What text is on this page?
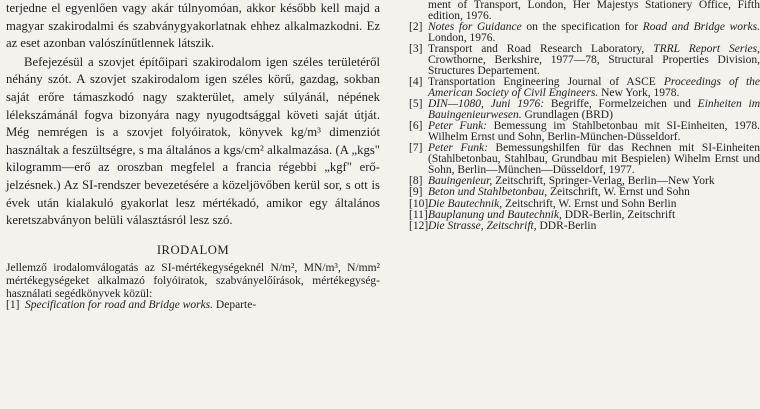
terjedne el egyenlően vagy akár túlnyomóan, akkor később kell majd a magyar szakirodalmi és szabványgyakorlatnak ehhez alkalmazkodni. Ez az eset azonban valószínűtlennek látszik.

Befejezésül a szovjet építőipari szakirodalom igen széles területéről néhány szót. A szovjet szakirodalom igen széles körű, gazdag, sokban saját erőre támaszkodó nagy szakterület, amely súlyánál, népének lélekszámánál fogva bizonyára nagy nyugodtsággal követi saját útját. Még nemrégen is a szovjet folyóiratok, könyvek kg/m³ dimenziót használtak a feszültségre, s ma általános a kgs/cm² alkalmazása. (A „kgs" kilogramm—erő az oroszban megfelel a francia régebbi „kgf" erő-jelzésnek.) Az SI-rendszer bevezetésére a közeljövőben kerül sor, s ott is évek után kialakuló gyakorlat lesz mértékadó, amikor egy általános keretszabványon belüli választásról lesz szó.

IRODALOM

Jellemző irodalomválogatás az SI-mértékegységeknél N/m², MN/m³, N/mm² mértékegységeket alkalmazó folyóiratok, szabványelőírások, mértékegység-használati segédkönyvek közül:

[1] Specification for road and Bridge works. Departe-

ment of Transport, London, Her Majestys Stationery Office, Fifth edition, 1976.

[2] Notes for Guidance on the specification for Road and Bridge works. London, 1976.
[3] Transport and Road Research Laboratory, TRRL Report Series, Crowthorne, Berkshire, 1977—78, Structural Properties Division, Structures Departement.
[4] Transportation Engineering Journal of ASCE Proceedings of the American Society of Civil Engineers. New York, 1978.
[5] DIN—1080, Juni 1976: Begriffe, Formelzeichen und Einheiten im Bauingenieurwesen. Grundlagen (BRD)
[6] Peter Funk: Bemessung im Stahlbetonbau mit SI-Einheiten, 1978. Wilhelm Ernst und Sohn, Berlin-München-Düsseldorf.
[7] Peter Funk: Bemessungshilfen für das Rechnen mit SI-Einheiten (Stahlbetonbau, Stahlbau, Grundbau mit Bespielen) Wihelm Ernst und Sohn, Berlin—München—Düsseldorf, 1977.
[8] Bauingenieur, Zeitschrift, Springer-Verlag, Berlin—New York
[9] Beton und Stahlbetonbau, Zeitschrift, W. Ernst und Sohn
[10] Die Bautechnik, Zeitschrift, W. Ernst und Sohn Berlin
[11] Bauplanung und Bautechnik, DDR-Berlin, Zeitschrift
[12] Die Strasse, Zeitschrift, DDR-Berlin
